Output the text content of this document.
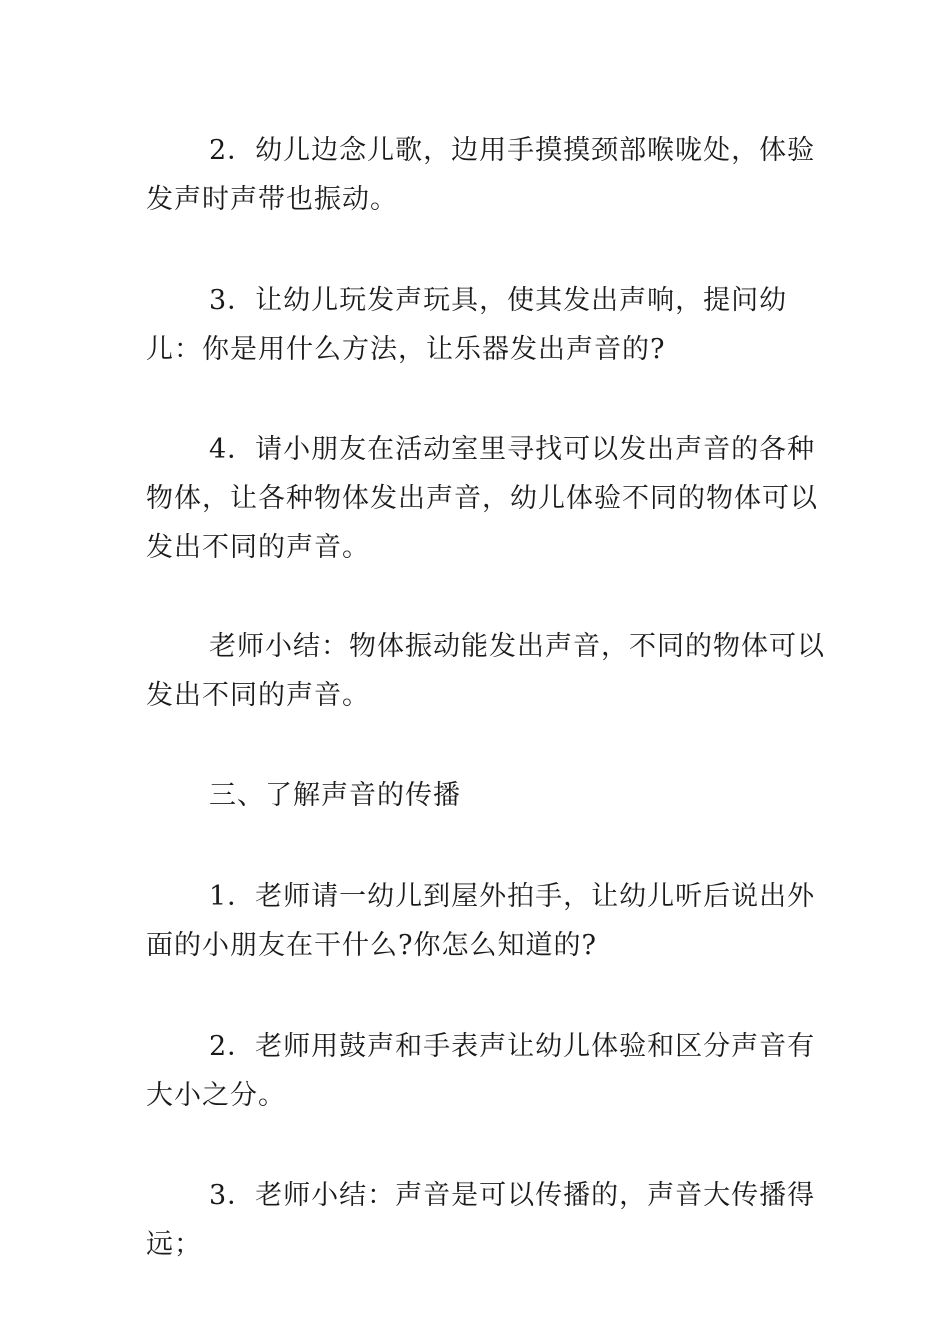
2．幼儿边念儿歌，边用手摸摸颈部喉咙处，体验发声时声带也振动。

3．让幼儿玩发声玩具，使其发出声响，提问幼儿：你是用什么方法，让乐器发出声音的?

4．请小朋友在活动室里寻找可以发出声音的各种物体，让各种物体发出声音，幼儿体验不同的物体可以发出不同的声音。

老师小结：物体振动能发出声音，不同的物体可以发出不同的声音。

三、了解声音的传播

1．老师请一幼儿到屋外拍手，让幼儿听后说出外面的小朋友在干什么?你怎么知道的?

2．老师用鼓声和手表声让幼儿体验和区分声音有大小之分。

3．老师小结：声音是可以传播的，声音大传播得远；
